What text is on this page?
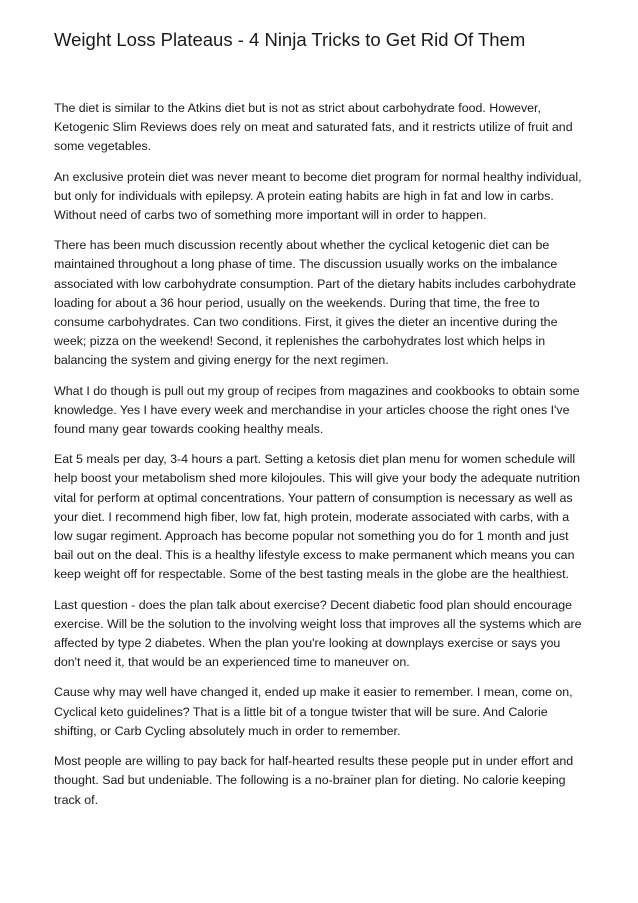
Weight Loss Plateaus - 4 Ninja Tricks to Get Rid Of Them

The diet is similar to the Atkins diet but is not as strict about carbohydrate food. However, Ketogenic Slim Reviews does rely on meat and saturated fats, and it restricts utilize of fruit and some vegetables.

An exclusive protein diet was never meant to become diet program for normal healthy individual, but only for individuals with epilepsy. A protein eating habits are high in fat and low in carbs. Without need of carbs two of something more important will in order to happen.

There has been much discussion recently about whether the cyclical ketogenic diet can be maintained throughout a long phase of time. The discussion usually works on the imbalance associated with low carbohydrate consumption. Part of the dietary habits includes carbohydrate loading for about a 36 hour period, usually on the weekends. During that time, the free to consume carbohydrates. Can two conditions. First, it gives the dieter an incentive during the week; pizza on the weekend! Second, it replenishes the carbohydrates lost which helps in balancing the system and giving energy for the next regimen.

What I do though is pull out my group of recipes from magazines and cookbooks to obtain some knowledge. Yes I have every week and merchandise in your articles choose the right ones I've found many gear towards cooking healthy meals.

Eat 5 meals per day, 3-4 hours a part. Setting a ketosis diet plan menu for women schedule will help boost your metabolism shed more kilojoules. This will give your body the adequate nutrition vital for perform at optimal concentrations. Your pattern of consumption is necessary as well as your diet. I recommend high fiber, low fat, high protein, moderate associated with carbs, with a low sugar regiment. Approach has become popular not something you do for 1 month and just bail out on the deal. This is a healthy lifestyle excess to make permanent which means you can keep weight off for respectable. Some of the best tasting meals in the globe are the healthiest.

Last question - does the plan talk about exercise? Decent diabetic food plan should encourage exercise. Will be the solution to the involving weight loss that improves all the systems which are affected by type 2 diabetes. When the plan you're looking at downplays exercise or says you don't need it, that would be an experienced time to maneuver on.

Cause why may well have changed it, ended up make it easier to remember. I mean, come on, Cyclical keto guidelines? That is a little bit of a tongue twister that will be sure. And Calorie shifting, or Carb Cycling absolutely much in order to remember.

Most people are willing to pay back for half-hearted results these people put in under effort and thought. Sad but undeniable. The following is a no-brainer plan for dieting. No calorie keeping track of.
